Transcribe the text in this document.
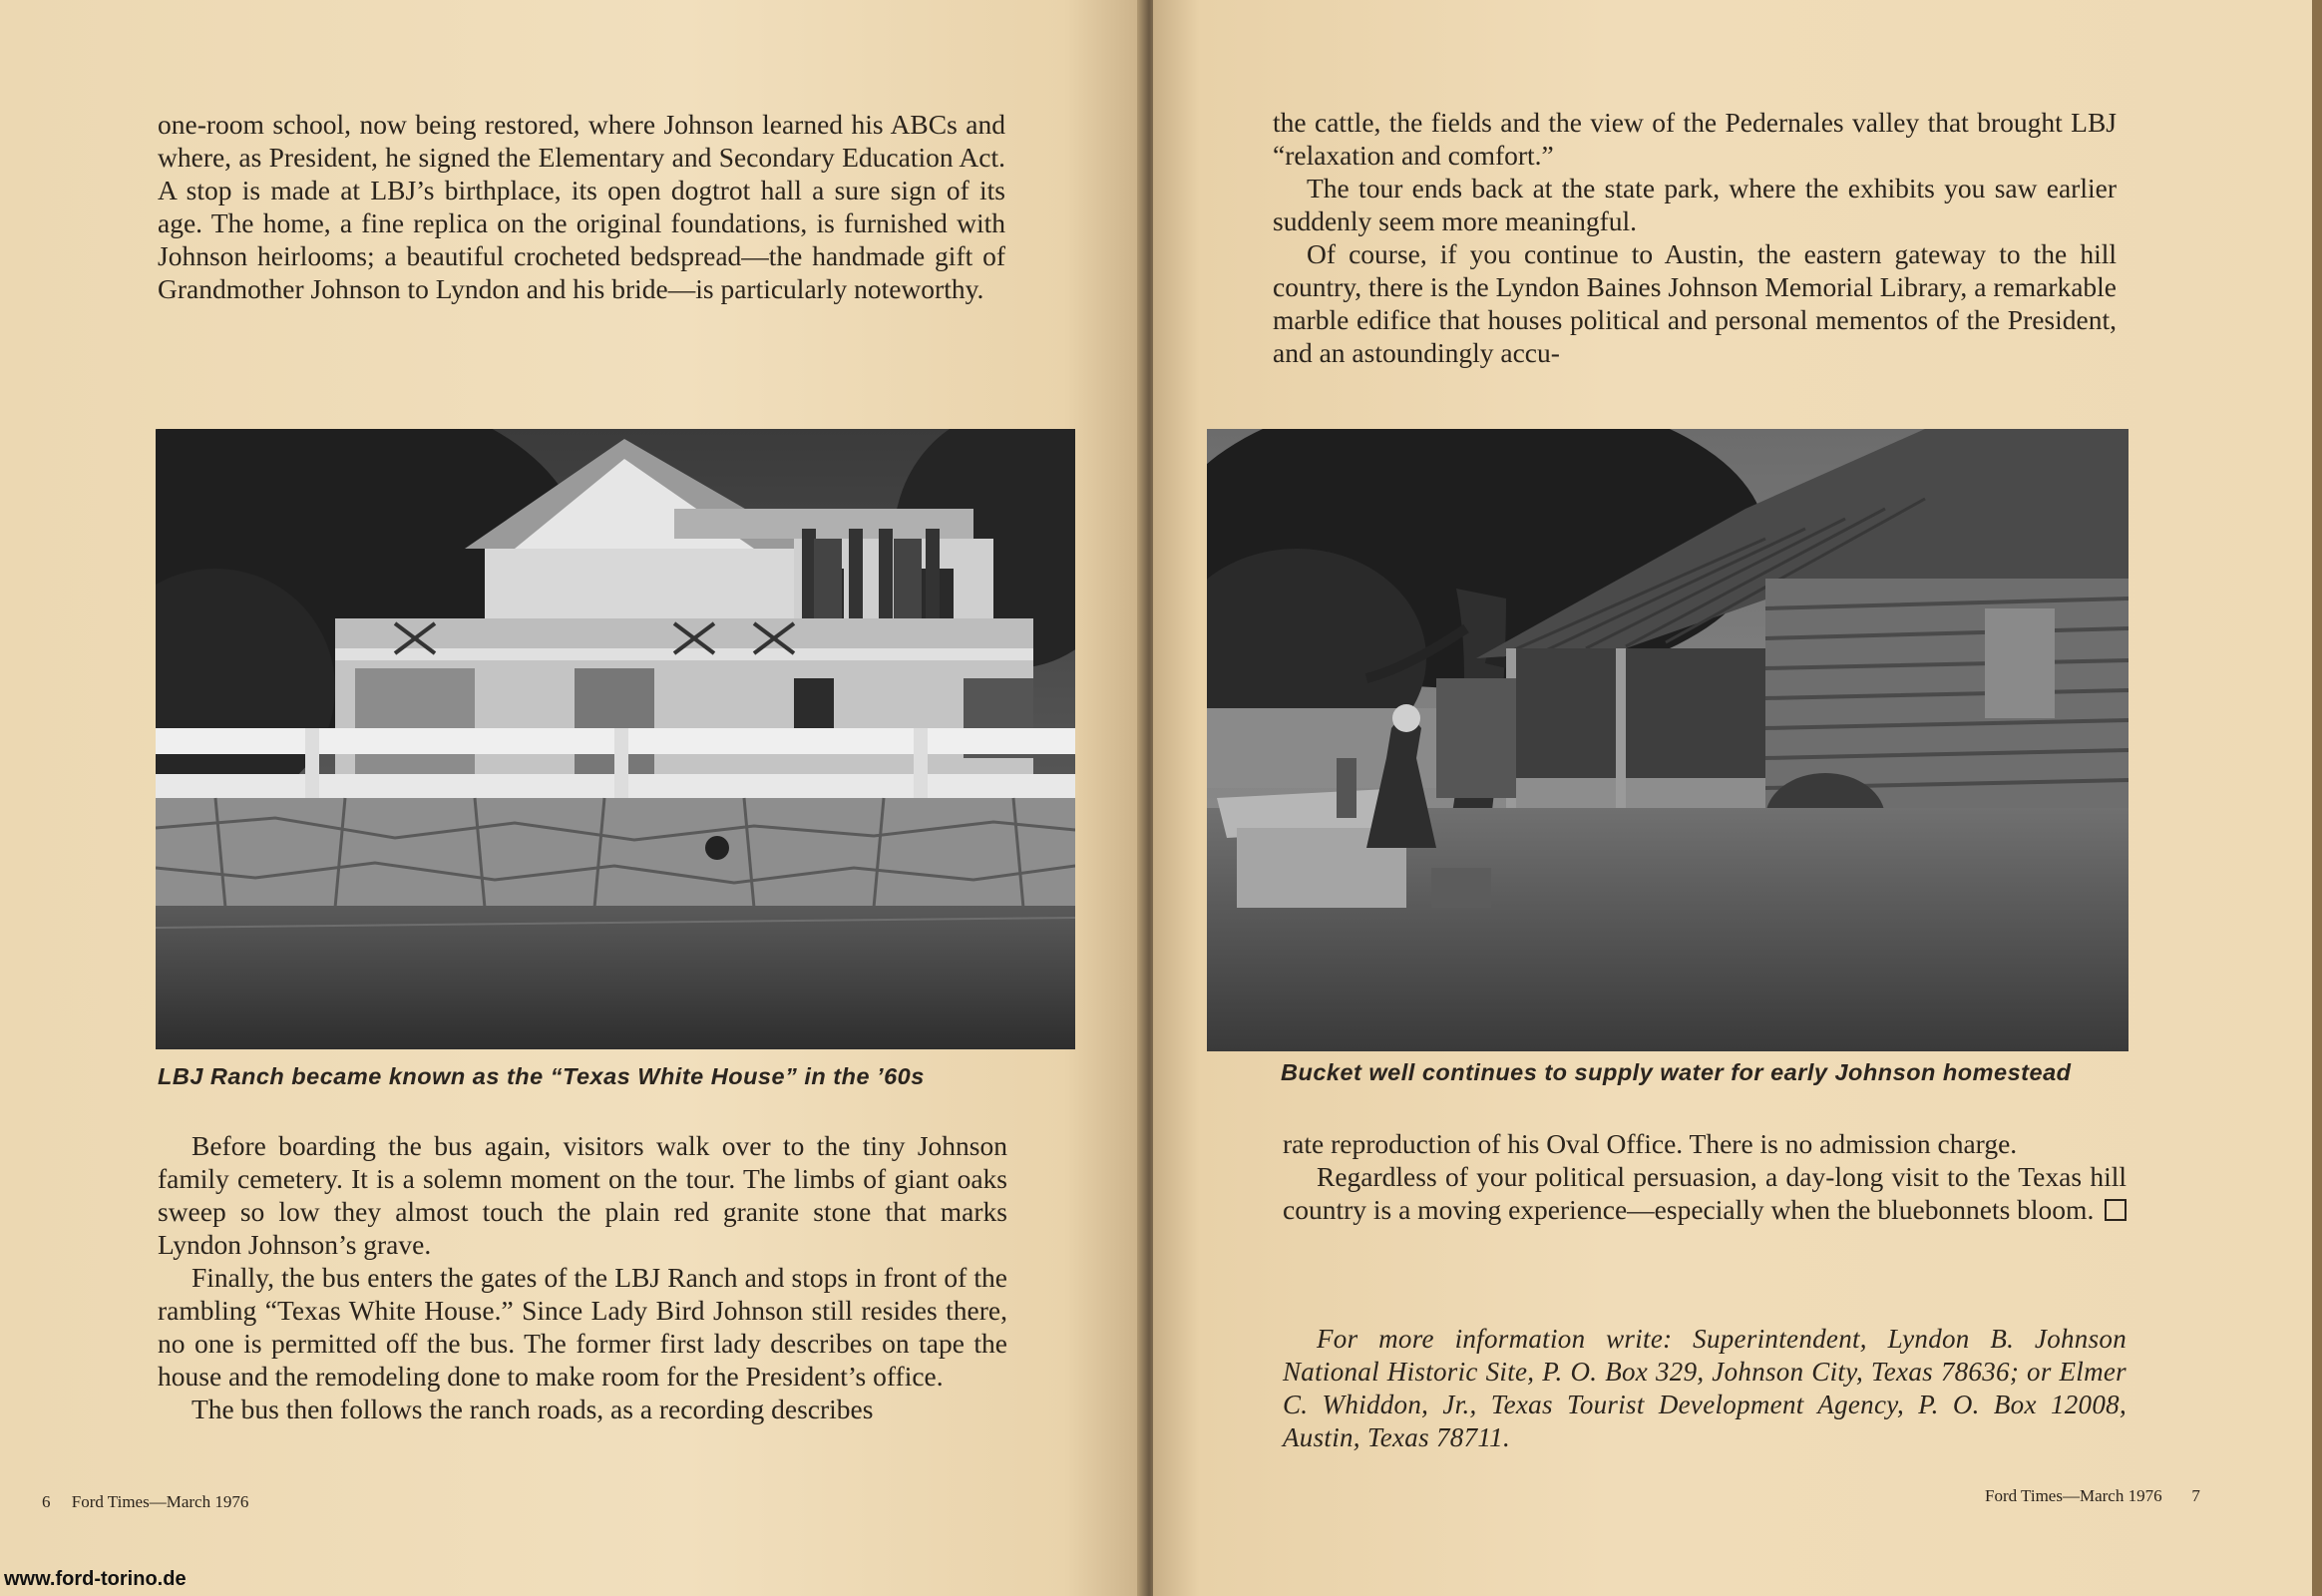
one-room school, now being restored, where Johnson learned his ABCs and where, as President, he signed the Elementary and Secondary Education Act. A stop is made at LBJ’s birthplace, its open dogtrot hall a sure sign of its age. The home, a fine replica on the original foundations, is furnished with Johnson heirlooms; a beautiful crocheted bedspread—the handmade gift of Grandmother Johnson to Lyndon and his bride—is particularly noteworthy.

LBJ Ranch became known as the “Texas White House” in the ’60s

Before boarding the bus again, visitors walk over to the tiny Johnson family cemetery. It is a solemn moment on the tour. The limbs of giant oaks sweep so low they almost touch the plain red granite stone that marks Lyndon Johnson’s grave.

Finally, the bus enters the gates of the LBJ Ranch and stops in front of the rambling “Texas White House.” Since Lady Bird Johnson still resides there, no one is permitted off the bus. The former first lady describes on tape the house and the remodeling done to make room for the President’s office.

The bus then follows the ranch roads, as a recording describes

6 Ford Times—March 1976

the cattle, the fields and the view of the Pedernales valley that brought LBJ “relaxation and comfort.”

The tour ends back at the state park, where the exhibits you saw earlier suddenly seem more meaningful.

Of course, if you continue to Austin, the eastern gateway to the hill country, there is the Lyndon Baines Johnson Memorial Library, a remarkable marble edifice that houses political and personal mementos of the President, and an astoundingly accu-

Bucket well continues to supply water for early Johnson homestead

rate reproduction of his Oval Office. There is no admission charge.

Regardless of your political persuasion, a day-long visit to the Texas hill country is a moving experience—especially when the bluebonnets bloom.

For more information write: Superintendent, Lyndon B. Johnson National Historic Site, P. O. Box 329, Johnson City, Texas 78636; or Elmer C. Whiddon, Jr., Texas Tourist Development Agency, P. O. Box 12008, Austin, Texas 78711.

Ford Times—March 1976 7
www.ford-torino.de
